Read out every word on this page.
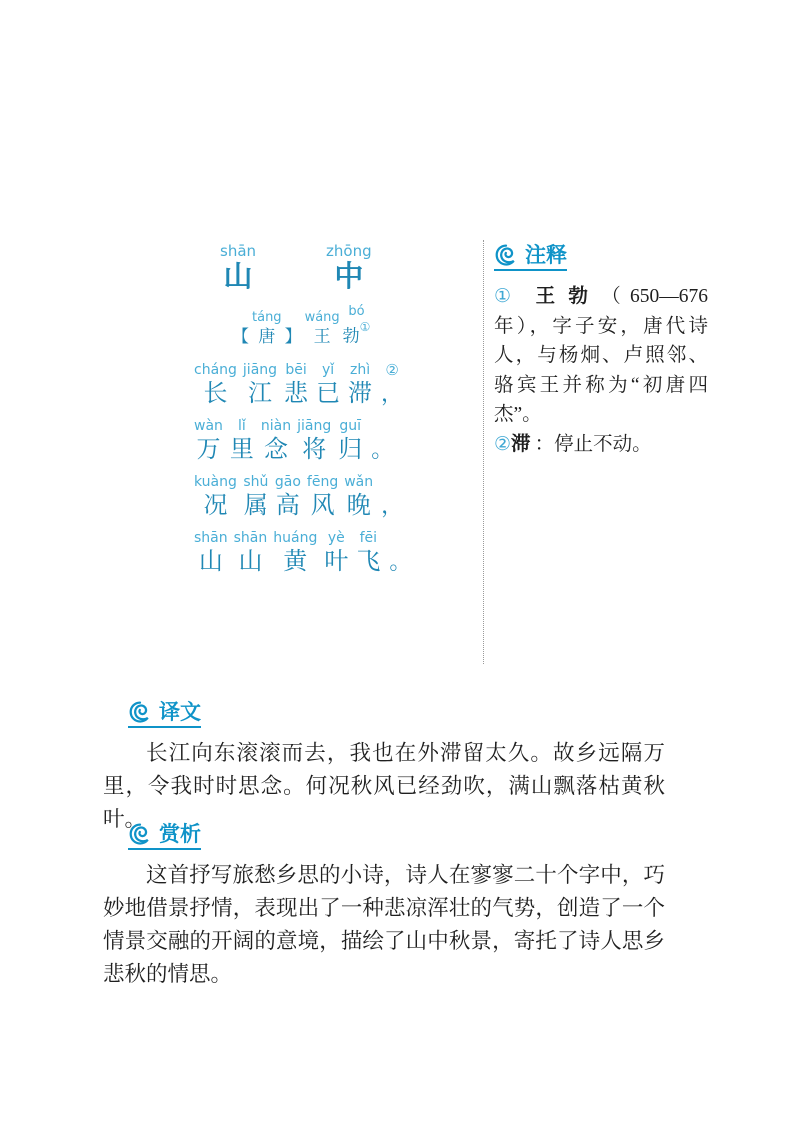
shān
山
zhōng
中

【
táng
唐
】
wáng
王
bó
勃①
cháng
长
jiāng
江
bēi
悲
yǐ
已
zhì
滞
②
，
wàn
万
lǐ
里
niàn
念
jiāng
将
guī
归
。
kuàng
况
shǔ
属
gāo
高
fēng
风
wǎn
晚
，
shān
山
shān
山
huáng
黄
yè
叶
fēi
飞
。
注释

① 王勃（650—676年），字子安，唐代诗人，与杨炯、卢照邻、骆宾王并称为“初唐四杰”。

②滞：停止不动。

译文

长江向东滚滚而去，我也在外滞留太久。故乡远隔万里，令我时时思念。何况秋风已经劲吹，满山飘落枯黄秋叶。

赏析

这首抒写旅愁乡思的小诗，诗人在寥寥二十个字中，巧妙地借景抒情，表现出了一种悲凉浑壮的气势，创造了一个情景交融的开阔的意境，描绘了山中秋景，寄托了诗人思乡悲秋的情思。
